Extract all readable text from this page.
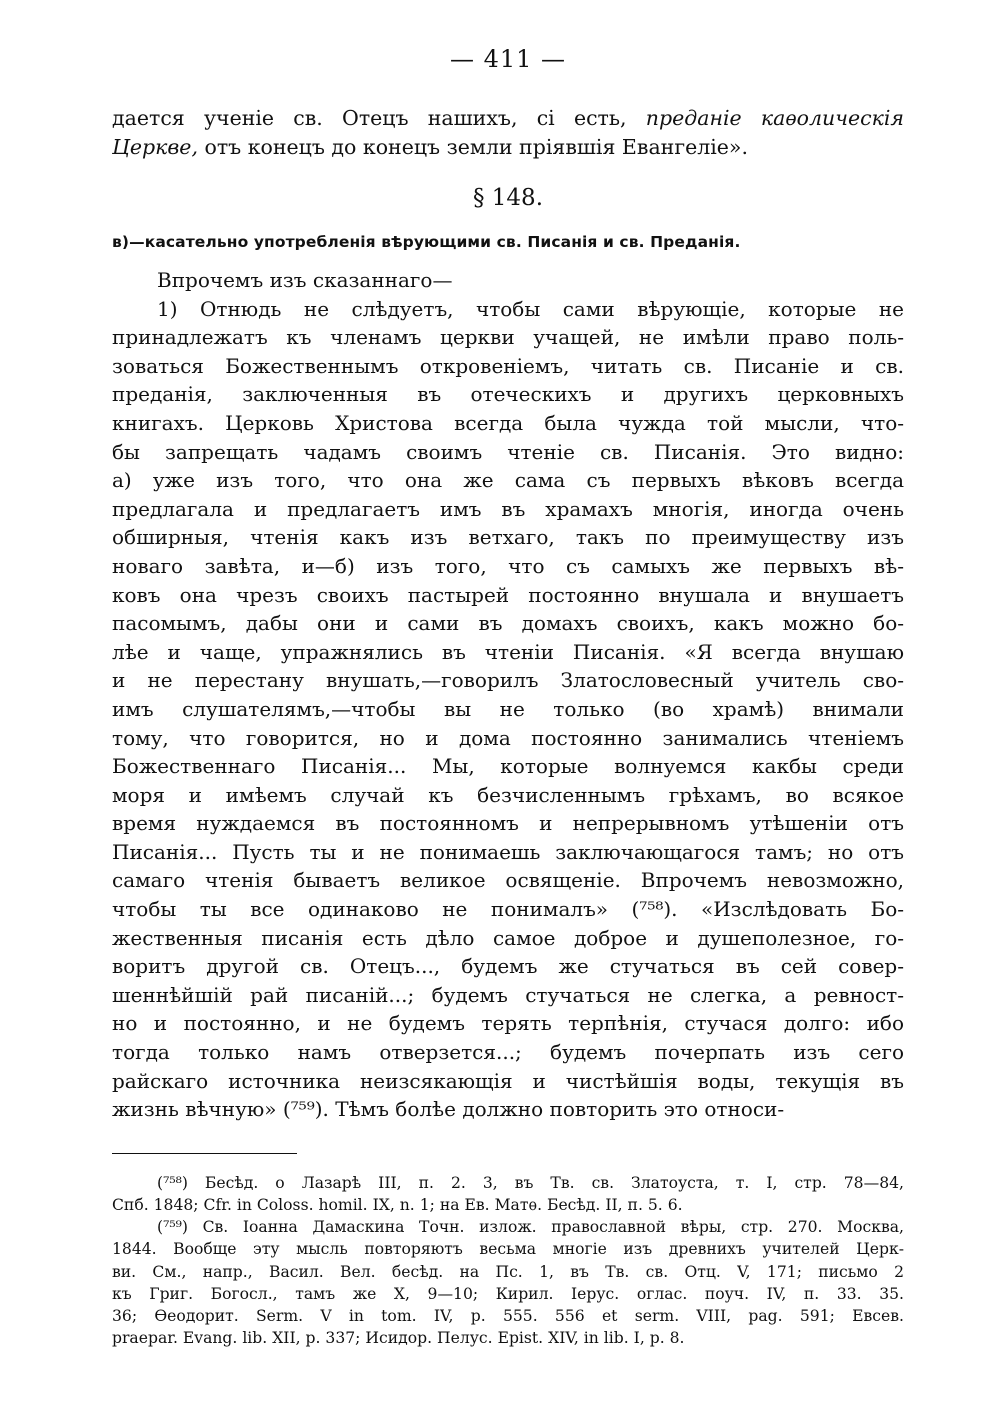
— 411 —
дается ученіе св. Отецъ нашихъ, сі есть, преданіе каѳолическія
Церкве, отъ конецъ до конецъ земли пріявшія Евангеліе».
§ 148.
в)—касательно употребленія вѣрующими св. Писанія и св. Преданія.
Впрочемъ изъ сказаннаго—
1) Отнюдь не слѣдуетъ, чтобы сами вѣрующіе, которые не
принадлежатъ къ членамъ церкви учащей, не имѣли право поль-
зоваться Божественнымъ откровеніемъ, читать св. Писаніе и св.
преданія, заключенныя въ отеческихъ и другихъ церковныхъ
книгахъ. Церковь Христова всегда была чужда той мысли, что-
бы запрещать чадамъ своимъ чтеніе св. Писанія. Это видно:
а) уже изъ того, что она же сама съ первыхъ вѣковъ всегда
предлагала и предлагаетъ имъ въ храмахъ многія, иногда очень
обширныя, чтенія какъ изъ ветхаго, такъ по преимуществу изъ
новаго завѣта, и—б) изъ того, что съ самыхъ же первыхъ вѣ-
ковъ она чрезъ своихъ пастырей постоянно внушала и внушаетъ
пасомымъ, дабы они и сами въ домахъ своихъ, какъ можно бо-
лѣе и чаще, упражнялись въ чтеніи Писанія. «Я всегда внушаю
и не перестану внушать,—говорилъ Златословесный учитель сво-
имъ слушателямъ,—чтобы вы не только (во храмѣ) внимали
тому, что говорится, но и дома постоянно занимались чтеніемъ
Божественнаго Писанія... Мы, которые волнуемся какбы среди
моря и имѣемъ случай къ безчисленнымъ грѣхамъ, во всякое
время нуждаемся въ постоянномъ и непрерывномъ утѣшеніи отъ
Писанія... Пусть ты и не понимаешь заключающагося тамъ; но отъ
самаго чтенія бываетъ великое освященіе. Впрочемъ невозможно,
чтобы ты все одинаково не понималъ» (⁷⁵⁸). «Изслѣдовать Бо-
жественныя писанія есть дѣло самое доброе и душеполезное, го-
воритъ другой св. Отецъ..., будемъ же стучаться въ сей совер-
шеннѣйшій рай писаній...; будемъ стучаться не слегка, а ревност-
но и постоянно, и не будемъ терять терпѣнія, стучася долго: ибо
тогда только намъ отверзется...; будемъ почерпать изъ сего
райскаго источника неизсякающія и чистѣйшія воды, текущія въ
жизнь вѣчную» (⁷⁵⁹). Тѣмъ болѣе должно повторить это относи-
(⁷⁵⁸) Бесѣд. о Лазарѣ III, п. 2. 3, въ Тв. св. Златоуста, т. I, стр. 78—84,
Спб. 1848; Cfr. in Coloss. homil. IX, n. 1; на Ев. Матѳ. Бесѣд. II, п. 5. 6.
(⁷⁵⁹) Св. Іоанна Дамаскина Точн. излож. православной вѣры, стр. 270. Москва,
1844. Вообще эту мысль повторяютъ весьма многіе изъ древнихъ учителей Церк-
ви. См., напр., Васил. Вел. бесѣд. на Пс. 1, въ Тв. св. Отц. V, 171; письмо 2
къ Григ. Богосл., тамъ же X, 9—10; Кирил. Iерус. оглас. поуч. IV, п. 33. 35.
36; Ѳеодорит. Serm. V in tom. IV, p. 555. 556 et serm. VIII, pag. 591; Евсев.
praepar. Evang. lib. XII, p. 337; Исидор. Пелус. Epist. XIV, in lib. I, p. 8.
